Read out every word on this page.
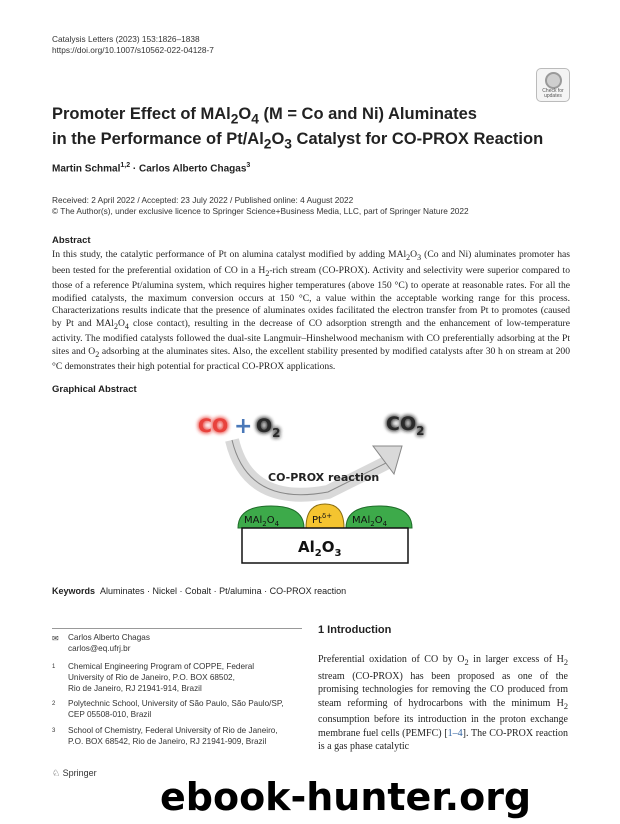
Catalysis Letters (2023) 153:1826–1838
https://doi.org/10.1007/s10562-022-04128-7
Check for updates
Promoter Effect of $MAl_2O_4$ (M = Co and Ni) Aluminates
in the Performance of $Pt/Al_2O_3$ Catalyst for CO-PROX Reaction
Martin Schmal$^{1,2}$ · Carlos Alberto Chagas$^3$
Received: 2 April 2022 / Accepted: 23 July 2022 / Published online: 4 August 2022
© The Author(s), under exclusive licence to Springer Science+Business Media, LLC, part of Springer Nature 2022
Abstract
In this study, the catalytic performance of Pt on alumina catalyst modified by adding $MAl_2O_3$ (Co and Ni) aluminates promoter has been tested for the preferential oxidation of CO in a $H_2$-rich stream (CO-PROX). Activity and selectivity were superior compared to those of a reference Pt/alumina system, which requires higher temperatures (above 150 °C) to operate at reasonable rates. For all the modified catalysts, the maximum conversion occurs at 150 °C, a value within the acceptable working range for this process. Characterizations results indicate that the presence of aluminates oxides facilitated the electron transfer from Pt to promotes (caused by Pt and $MAl_2O_4$ close contact), resulting in the decrease of CO adsorption strength and the enhancement of low-temperature activity. The modified catalysts followed the dual-site Langmuir–Hinshelwood mechanism with CO preferentially adsorbing at the Pt sites and $O_2$ adsorbing at the aluminates sites. Also, the excellent stability presented by modified catalysts after 30 h on stream at 200 °C demonstrates their high potential for practical CO-PROX applications.
Graphical Abstract
CO + $O_2$	$CO_2$
CO-PROX reaction
$MAl_2O_4$	$Pt^{\delta+}$ $MAl_2O_4$
$Al_2O_3$
Keywords Aluminates · Nickel · Cobalt · Pt/alumina · CO-PROX reaction
✉ Carlos Alberto Chagas
carlos@eq.ufrj.br
1 Chemical Engineering Program of COPPE, Federal
University of Rio de Janeiro, P.O. BOX 68502,
Rio de Janeiro, RJ 21941-914, Brazil
2 Polytechnic School, University of São Paulo, São Paulo/SP,
CEP 05508-010, Brazil
3 School of Chemistry, Federal University of Rio de Janeiro,
P.O. BOX 68542, Rio de Janeiro, RJ 21941-909, Brazil
1 Introduction
Preferential oxidation of CO by $O_2$ in larger excess of $H_2$ stream (CO-PROX) has been proposed as one of the promising technologies for removing the CO produced from steam reforming of hydrocarbons with the minimum $H_2$ consumption before its introduction in the proton exchange membrane fuel cells (PEMFC) [1–4]. The CO-PROX reaction is a gas phase catalytic
♘ Springer
ebook-hunter.org
